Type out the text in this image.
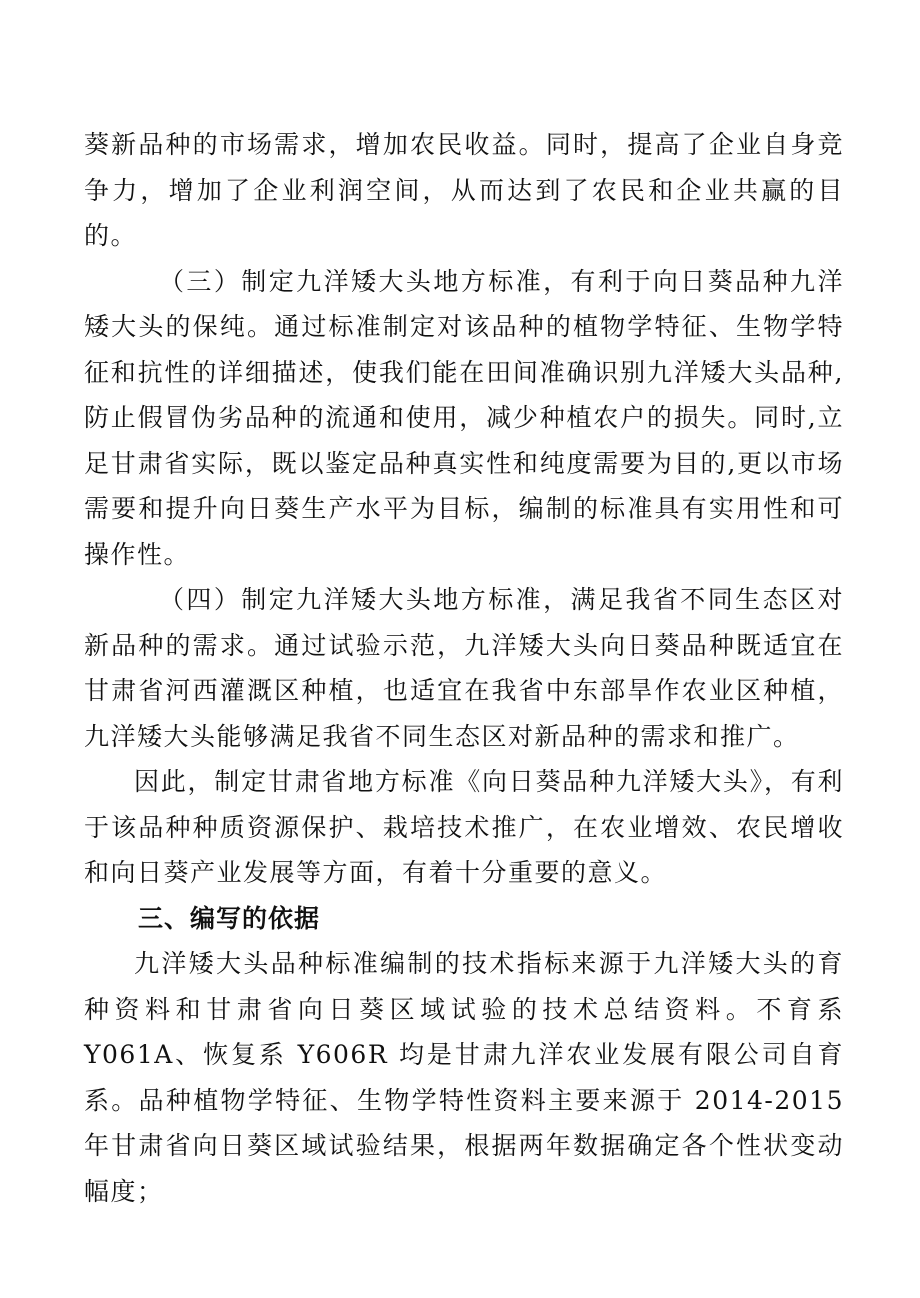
葵新品种的市场需求，增加农民收益。同时，提高了企业自身竞争力，增加了企业利润空间，从而达到了农民和企业共赢的目的。

（三）制定九洋矮大头地方标准，有利于向日葵品种九洋矮大头的保纯。通过标准制定对该品种的植物学特征、生物学特征和抗性的详细描述，使我们能在田间准确识别九洋矮大头品种,防止假冒伪劣品种的流通和使用，减少种植农户的损失。同时,立足甘肃省实际，既以鉴定品种真实性和纯度需要为目的,更以市场需要和提升向日葵生产水平为目标，编制的标准具有实用性和可操作性。

（四）制定九洋矮大头地方标准，满足我省不同生态区对新品种的需求。通过试验示范，九洋矮大头向日葵品种既适宜在甘肃省河西灌溉区种植，也适宜在我省中东部旱作农业区种植，九洋矮大头能够满足我省不同生态区对新品种的需求和推广。

因此，制定甘肃省地方标准《向日葵品种九洋矮大头》，有利于该品种种质资源保护、栽培技术推广，在农业增效、农民增收和向日葵产业发展等方面，有着十分重要的意义。

三、编写的依据

九洋矮大头品种标准编制的技术指标来源于九洋矮大头的育种资料和甘肃省向日葵区域试验的技术总结资料。不育系 Y061A、恢复系 Y606R 均是甘肃九洋农业发展有限公司自育系。品种植物学特征、生物学特性资料主要来源于 2014-2015 年甘肃省向日葵区域试验结果，根据两年数据确定各个性状变动幅度；
